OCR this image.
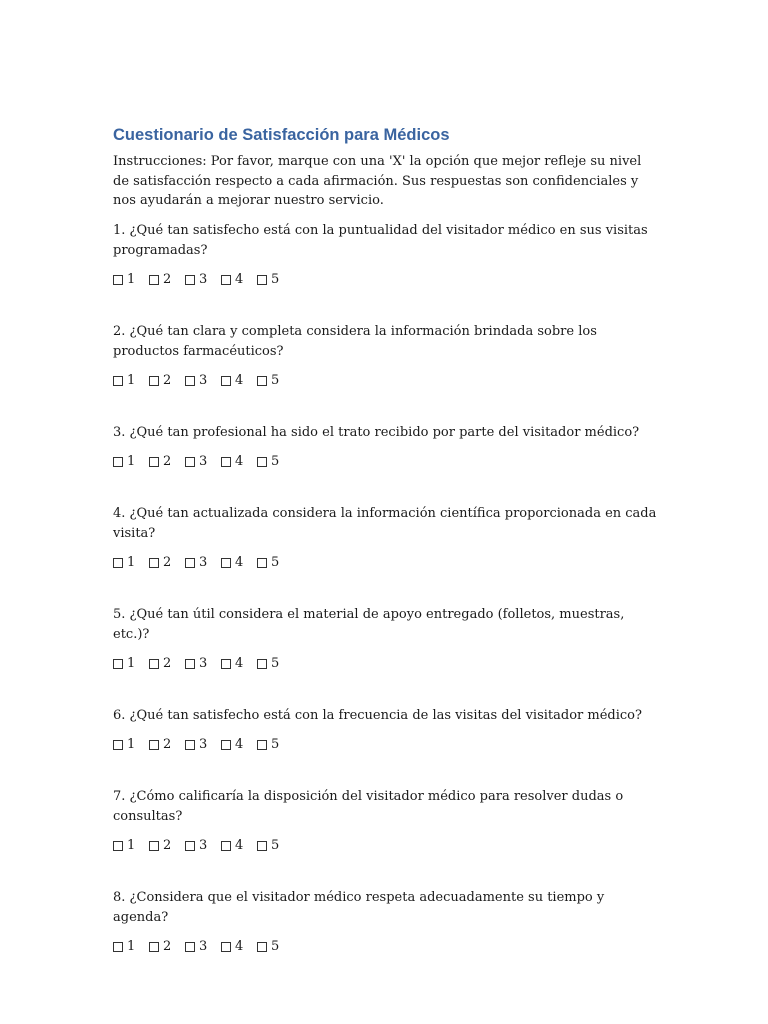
Cuestionario de Satisfacción para Médicos

Instrucciones: Por favor, marque con una 'X' la opción que mejor refleje su nivel de satisfacción respecto a cada afirmación. Sus respuestas son confidenciales y nos ayudarán a mejorar nuestro servicio.

1. ¿Qué tan satisfecho está con la puntualidad del visitador médico en sus visitas programadas?

1	2	3	4	5

2. ¿Qué tan clara y completa considera la información brindada sobre los productos farmacéuticos?

1	2	3	4	5

3. ¿Qué tan profesional ha sido el trato recibido por parte del visitador médico?

1	2	3	4	5

4. ¿Qué tan actualizada considera la información científica proporcionada en cada visita?

1	2	3	4	5

5. ¿Qué tan útil considera el material de apoyo entregado (folletos, muestras, etc.)?

1	2	3	4	5

6. ¿Qué tan satisfecho está con la frecuencia de las visitas del visitador médico?

1	2	3	4	5

7. ¿Cómo calificaría la disposición del visitador médico para resolver dudas o consultas?

1	2	3	4	5

8. ¿Considera que el visitador médico respeta adecuadamente su tiempo y agenda?

1	2	3	4	5
